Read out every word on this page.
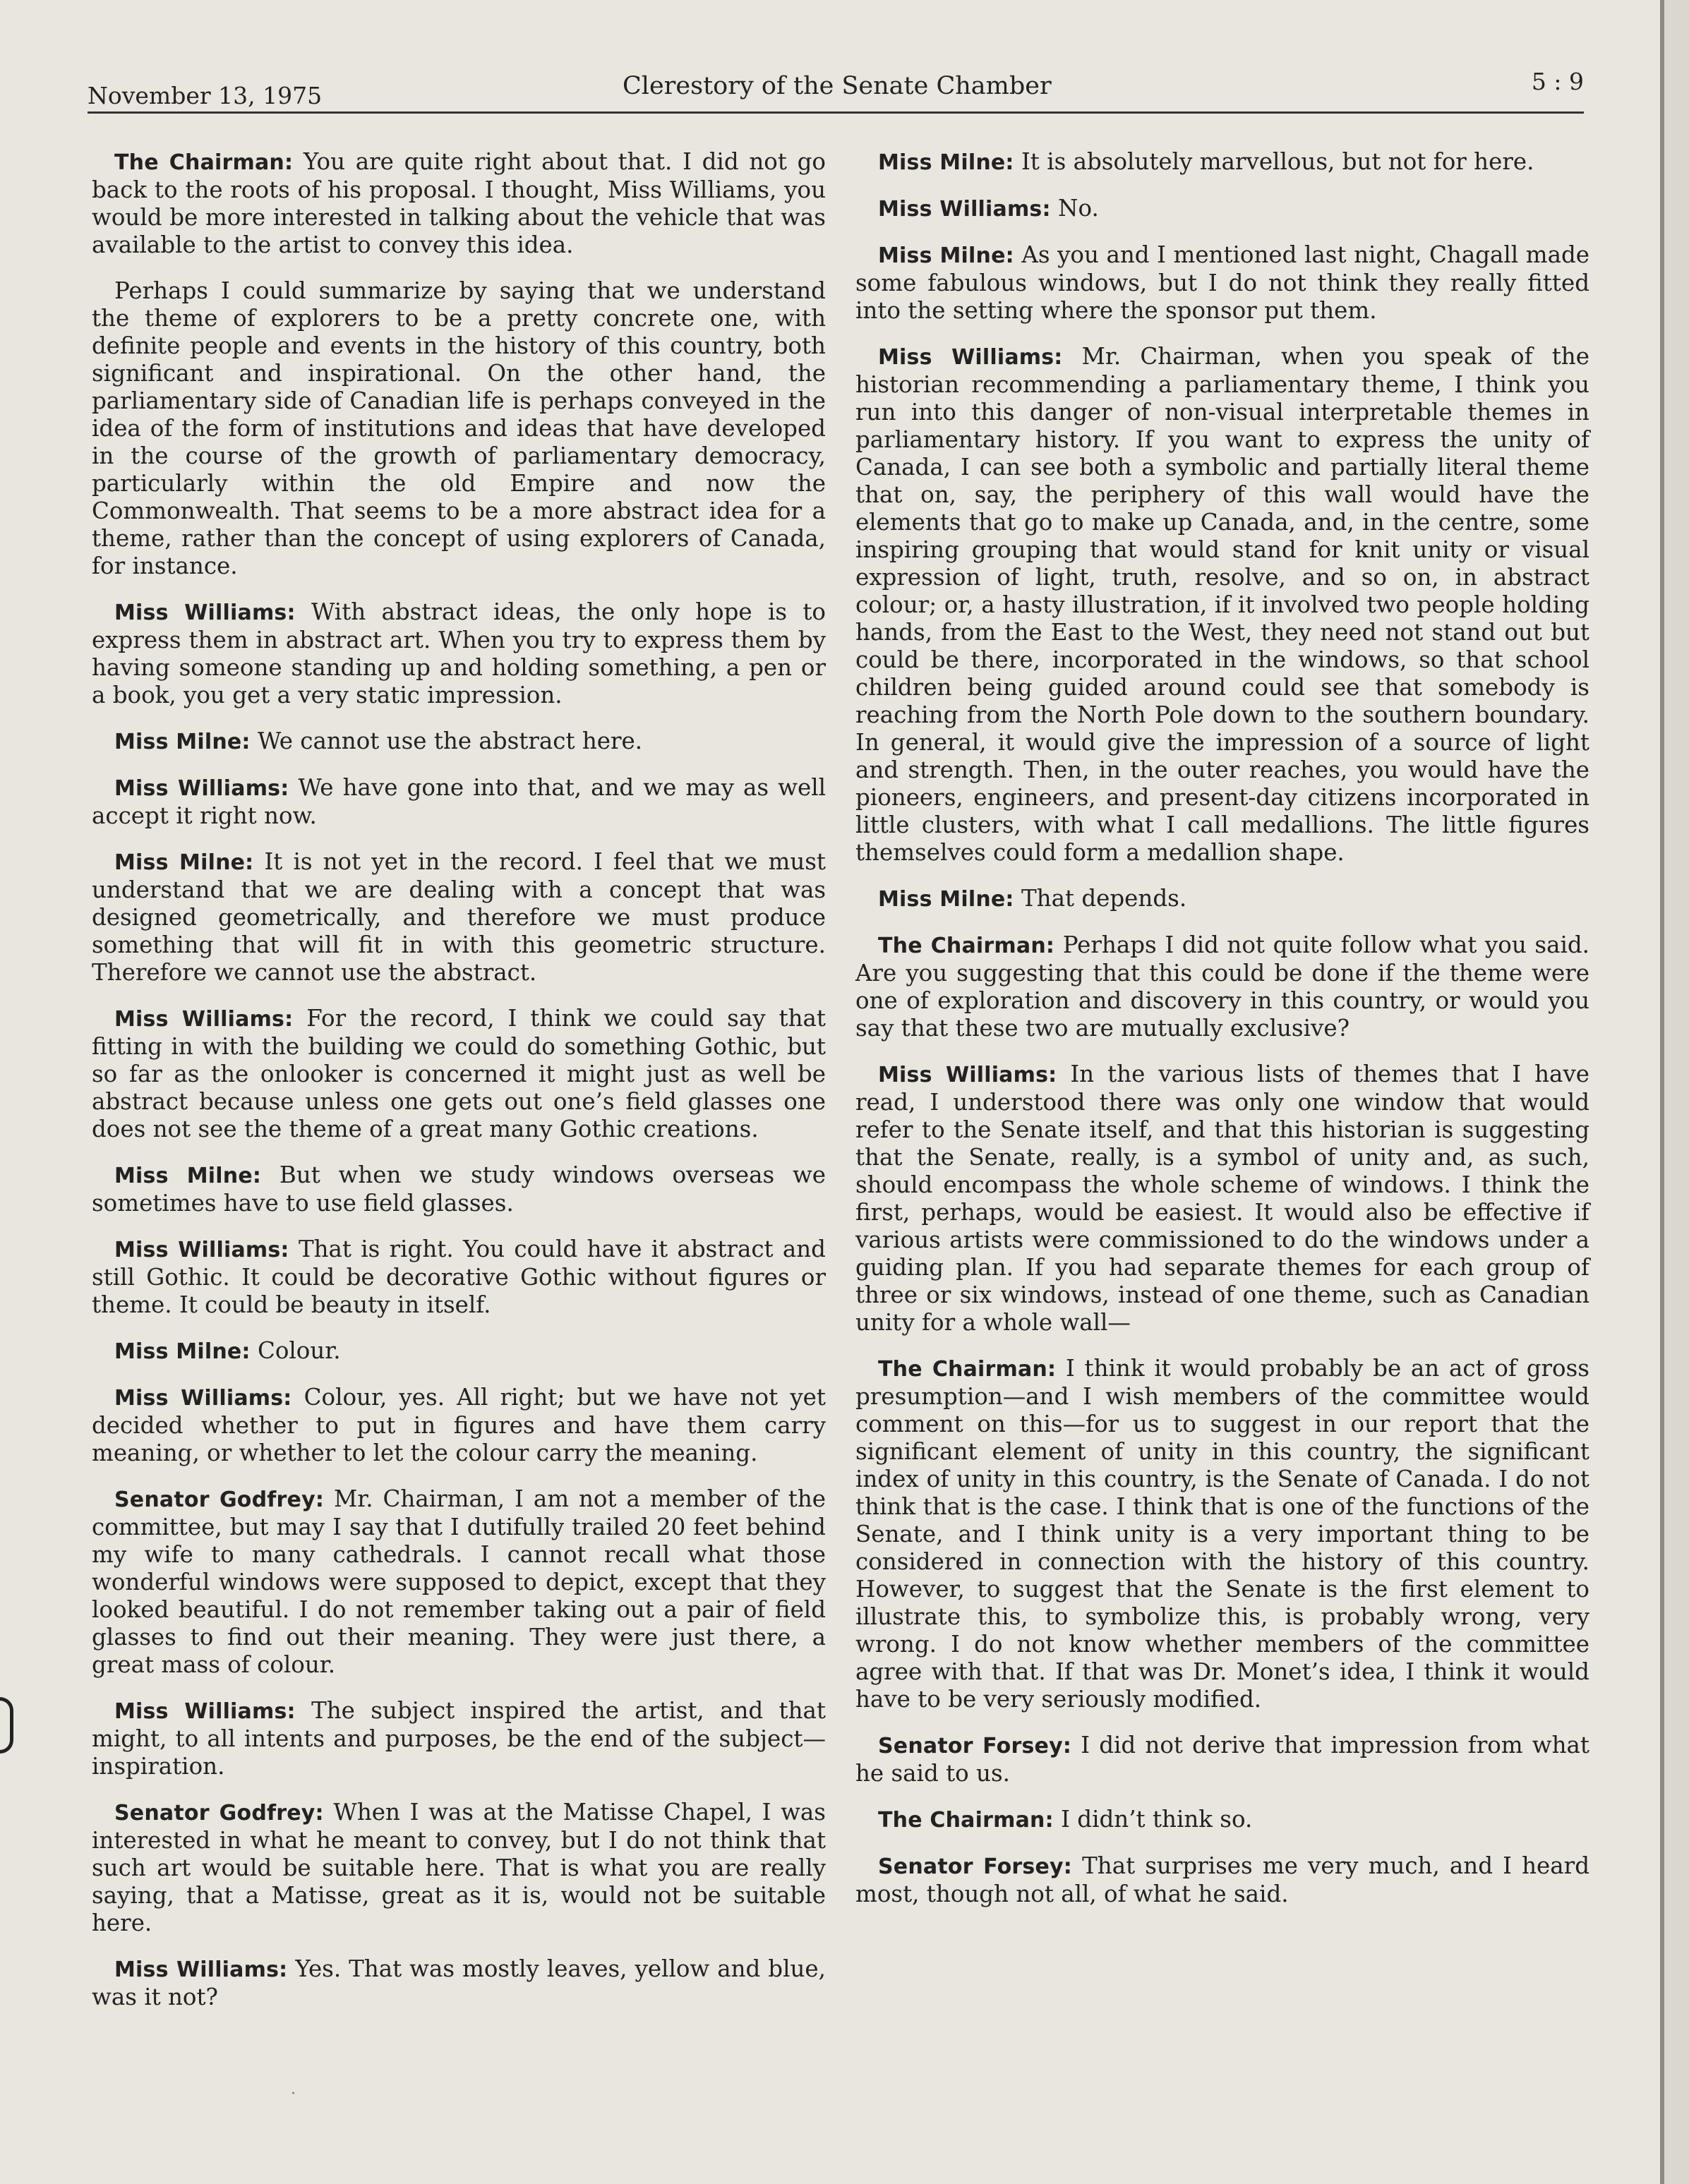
November 13, 1975	Clerestory of the Senate Chamber	5 : 9

The Chairman: You are quite right about that. I did not go back to the roots of his proposal. I thought, Miss Williams, you would be more interested in talking about the vehicle that was available to the artist to convey this idea.

Perhaps I could summarize by saying that we understand the theme of explorers to be a pretty concrete one, with definite people and events in the history of this country, both significant and inspirational. On the other hand, the parliamentary side of Canadian life is perhaps conveyed in the idea of the form of institutions and ideas that have developed in the course of the growth of parliamentary democracy, particularly within the old Empire and now the Commonwealth. That seems to be a more abstract idea for a theme, rather than the concept of using explorers of Canada, for instance.

Miss Williams: With abstract ideas, the only hope is to express them in abstract art. When you try to express them by having someone standing up and holding something, a pen or a book, you get a very static impression.

Miss Milne: We cannot use the abstract here.

Miss Williams: We have gone into that, and we may as well accept it right now.

Miss Milne: It is not yet in the record. I feel that we must understand that we are dealing with a concept that was designed geometrically, and therefore we must produce something that will fit in with this geometric structure. Therefore we cannot use the abstract.

Miss Williams: For the record, I think we could say that fitting in with the building we could do something Gothic, but so far as the onlooker is concerned it might just as well be abstract because unless one gets out one’s field glasses one does not see the theme of a great many Gothic creations.

Miss Milne: But when we study windows overseas we sometimes have to use field glasses.

Miss Williams: That is right. You could have it abstract and still Gothic. It could be decorative Gothic without figures or theme. It could be beauty in itself.

Miss Milne: Colour.

Miss Williams: Colour, yes. All right; but we have not yet decided whether to put in figures and have them carry meaning, or whether to let the colour carry the meaning.

Senator Godfrey: Mr. Chairman, I am not a member of the committee, but may I say that I dutifully trailed 20 feet behind my wife to many cathedrals. I cannot recall what those wonderful windows were supposed to depict, except that they looked beautiful. I do not remember taking out a pair of field glasses to find out their meaning. They were just there, a great mass of colour.

Miss Williams: The subject inspired the artist, and that might, to all intents and purposes, be the end of the subject—inspiration.

Senator Godfrey: When I was at the Matisse Chapel, I was interested in what he meant to convey, but I do not think that such art would be suitable here. That is what you are really saying, that a Matisse, great as it is, would not be suitable here.

Miss Williams: Yes. That was mostly leaves, yellow and blue, was it not?

Miss Milne: It is absolutely marvellous, but not for here.

Miss Williams: No.

Miss Milne: As you and I mentioned last night, Chagall made some fabulous windows, but I do not think they really fitted into the setting where the sponsor put them.

Miss Williams: Mr. Chairman, when you speak of the historian recommending a parliamentary theme, I think you run into this danger of non-visual interpretable themes in parliamentary history. If you want to express the unity of Canada, I can see both a symbolic and partially literal theme that on, say, the periphery of this wall would have the elements that go to make up Canada, and, in the centre, some inspiring grouping that would stand for knit unity or visual expression of light, truth, resolve, and so on, in abstract colour; or, a hasty illustration, if it involved two people holding hands, from the East to the West, they need not stand out but could be there, incorporated in the windows, so that school children being guided around could see that somebody is reaching from the North Pole down to the southern boundary. In general, it would give the impression of a source of light and strength. Then, in the outer reaches, you would have the pioneers, engineers, and present-day citizens incorporated in little clusters, with what I call medallions. The little figures themselves could form a medallion shape.

Miss Milne: That depends.

The Chairman: Perhaps I did not quite follow what you said. Are you suggesting that this could be done if the theme were one of exploration and discovery in this country, or would you say that these two are mutually exclusive?

Miss Williams: In the various lists of themes that I have read, I understood there was only one window that would refer to the Senate itself, and that this historian is suggesting that the Senate, really, is a symbol of unity and, as such, should encompass the whole scheme of windows. I think the first, perhaps, would be easiest. It would also be effective if various artists were commissioned to do the windows under a guiding plan. If you had separate themes for each group of three or six windows, instead of one theme, such as Canadian unity for a whole wall—

The Chairman: I think it would probably be an act of gross presumption—and I wish members of the committee would comment on this—for us to suggest in our report that the significant element of unity in this country, the significant index of unity in this country, is the Senate of Canada. I do not think that is the case. I think that is one of the functions of the Senate, and I think unity is a very important thing to be considered in connection with the history of this country. However, to suggest that the Senate is the first element to illustrate this, to symbolize this, is probably wrong, very wrong. I do not know whether members of the committee agree with that. If that was Dr. Monet’s idea, I think it would have to be very seriously modified.

Senator Forsey: I did not derive that impression from what he said to us.

The Chairman: I didn’t think so.

Senator Forsey: That surprises me very much, and I heard most, though not all, of what he said.

·
